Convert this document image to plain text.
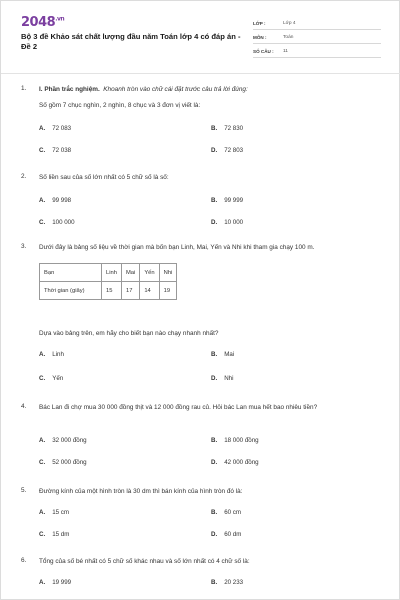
$2048^{.vn}$
Bộ 3 đề Khảo sát chất lượng đầu năm Toán lớp 4 có đáp án - Đề 2
LỚP :	Lớp 4
MÔN :	Toán
SỐ CÂU :	11
1. I. Phần trắc nghiệm. Khoanh tròn vào chữ cái đặt trước câu trả lời đúng:
Số gồm 7 chục nghìn, 2 nghìn, 8 chục và 3 đơn vị viết là:
A. 72 083	B. 72 830
C. 72 038	D. 72 803
2. Số liền sau của số lớn nhất có 5 chữ số là số:
A. 99 998	B. 99 999
C. 100 000	D. 10 000
3. Dưới đây là bảng số liệu về thời gian mà bốn bạn Linh, Mai, Yến và Nhi khi tham gia chạy 100 m.
Bạn	Linh	Mai	Yến	Nhi
Thời gian (giây)	15	17	14	19
Dựa vào bảng trên, em hãy cho biết bạn nào chạy nhanh nhất?
A. Linh	B. Mai
C. Yến	D. Nhi
4. Bác Lan đi chợ mua 30 000 đồng thịt và 12 000 đồng rau củ. Hỏi bác Lan mua hết bao nhiêu tiền?
A. 32 000 đồng	B. 18 000 đồng
C. 52 000 đồng	D. 42 000 đồng
5. Đường kính của một hình tròn là 30 dm thì bán kính của hình tròn đó là:
A. 15 cm	B. 60 cm
C. 15 dm	D. 60 dm
6. Tổng của số bé nhất có 5 chữ số khác nhau và số lớn nhất có 4 chữ số là:
A. 19 999	B. 20 233
